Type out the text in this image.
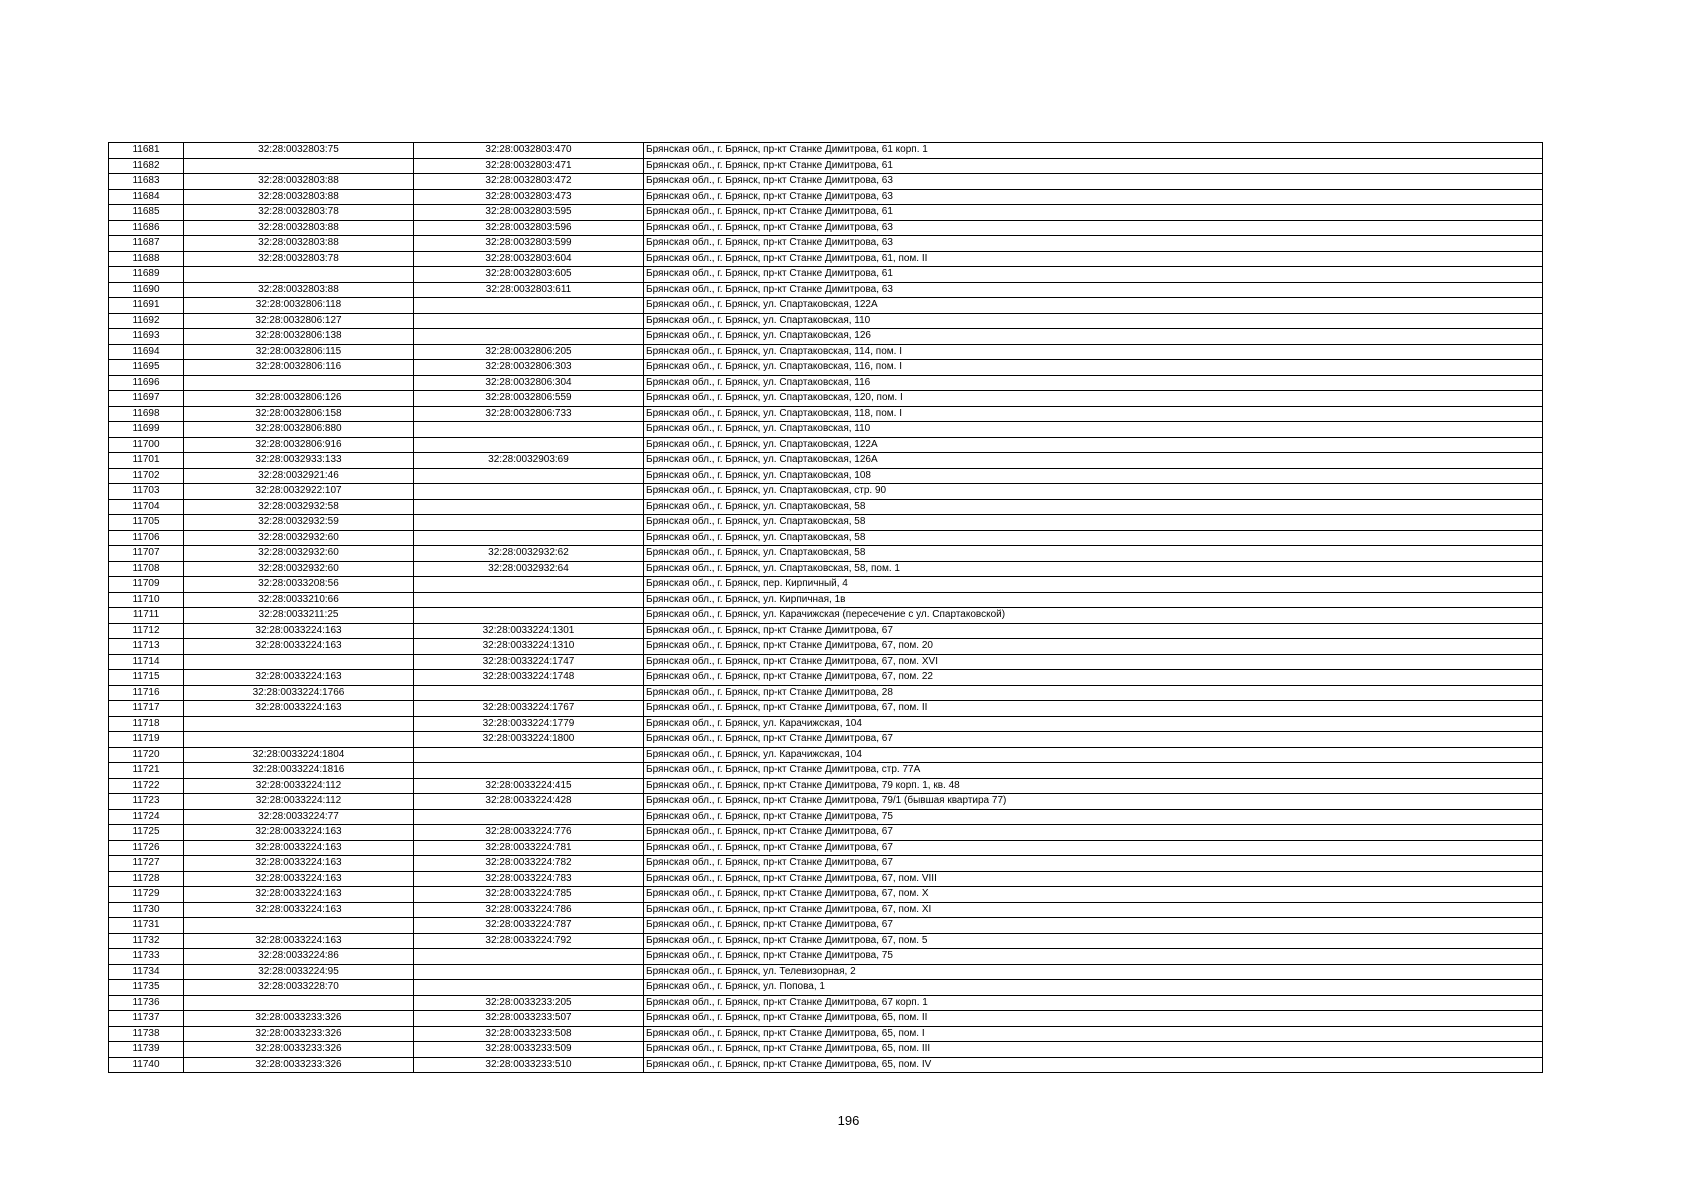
11681	32:28:0032803:75	32:28:0032803:470	Брянская обл., г. Брянск, пр-кт Станке Димитрова, 61 корп. 1
11682		32:28:0032803:471	Брянская обл., г. Брянск, пр-кт Станке Димитрова, 61
11683	32:28:0032803:88	32:28:0032803:472	Брянская обл., г. Брянск, пр-кт Станке Димитрова, 63
11684	32:28:0032803:88	32:28:0032803:473	Брянская обл., г. Брянск, пр-кт Станке Димитрова, 63
11685	32:28:0032803:78	32:28:0032803:595	Брянская обл., г. Брянск, пр-кт Станке Димитрова, 61
11686	32:28:0032803:88	32:28:0032803:596	Брянская обл., г. Брянск, пр-кт Станке Димитрова, 63
11687	32:28:0032803:88	32:28:0032803:599	Брянская обл., г. Брянск, пр-кт Станке Димитрова, 63
11688	32:28:0032803:78	32:28:0032803:604	Брянская обл., г. Брянск, пр-кт Станке Димитрова, 61, пом. II
11689		32:28:0032803:605	Брянская обл., г. Брянск, пр-кт Станке Димитрова, 61
11690	32:28:0032803:88	32:28:0032803:611	Брянская обл., г. Брянск, пр-кт Станке Димитрова, 63
11691	32:28:0032806:118		Брянская обл., г. Брянск, ул. Спартаковская, 122А
11692	32:28:0032806:127		Брянская обл., г. Брянск, ул. Спартаковская, 110
11693	32:28:0032806:138		Брянская обл., г. Брянск, ул. Спартаковская, 126
11694	32:28:0032806:115	32:28:0032806:205	Брянская обл., г. Брянск, ул. Спартаковская, 114, пом. I
11695	32:28:0032806:116	32:28:0032806:303	Брянская обл., г. Брянск, ул. Спартаковская, 116, пом. I
11696		32:28:0032806:304	Брянская обл., г. Брянск, ул. Спартаковская, 116
11697	32:28:0032806:126	32:28:0032806:559	Брянская обл., г. Брянск, ул. Спартаковская, 120, пом. I
11698	32:28:0032806:158	32:28:0032806:733	Брянская обл., г. Брянск, ул. Спартаковская, 118, пом. I
11699	32:28:0032806:880		Брянская обл., г. Брянск, ул. Спартаковская, 110
11700	32:28:0032806:916		Брянская обл., г. Брянск, ул. Спартаковская, 122А
11701	32:28:0032933:133	32:28:0032903:69	Брянская обл., г. Брянск, ул. Спартаковская, 126А
11702	32:28:0032921:46		Брянская обл., г. Брянск, ул. Спартаковская, 108
11703	32:28:0032922:107		Брянская обл., г. Брянск, ул. Спартаковская, стр. 90
11704	32:28:0032932:58		Брянская обл., г. Брянск, ул. Спартаковская, 58
11705	32:28:0032932:59		Брянская обл., г. Брянск, ул. Спартаковская, 58
11706	32:28:0032932:60		Брянская обл., г. Брянск, ул. Спартаковская, 58
11707	32:28:0032932:60	32:28:0032932:62	Брянская обл., г. Брянск, ул. Спартаковская, 58
11708	32:28:0032932:60	32:28:0032932:64	Брянская обл., г. Брянск, ул. Спартаковская, 58, пом. 1
11709	32:28:0033208:56		Брянская обл., г. Брянск, пер. Кирпичный, 4
11710	32:28:0033210:66		Брянская обл., г. Брянск, ул. Кирпичная, 1в
11711	32:28:0033211:25		Брянская обл., г. Брянск, ул. Карачижская (пересечение с ул. Спартаковской)
11712	32:28:0033224:163	32:28:0033224:1301	Брянская обл., г. Брянск, пр-кт Станке Димитрова, 67
11713	32:28:0033224:163	32:28:0033224:1310	Брянская обл., г. Брянск, пр-кт Станке Димитрова, 67, пом. 20
11714		32:28:0033224:1747	Брянская обл., г. Брянск, пр-кт Станке Димитрова, 67, пом. XVI
11715	32:28:0033224:163	32:28:0033224:1748	Брянская обл., г. Брянск, пр-кт Станке Димитрова, 67, пом. 22
11716	32:28:0033224:1766		Брянская обл., г. Брянск, пр-кт Станке Димитрова, 28
11717	32:28:0033224:163	32:28:0033224:1767	Брянская обл., г. Брянск, пр-кт Станке Димитрова, 67, пом. II
11718		32:28:0033224:1779	Брянская обл., г. Брянск, ул. Карачижская, 104
11719		32:28:0033224:1800	Брянская обл., г. Брянск, пр-кт Станке Димитрова, 67
11720	32:28:0033224:1804		Брянская обл., г. Брянск, ул. Карачижская, 104
11721	32:28:0033224:1816		Брянская обл., г. Брянск, пр-кт Станке Димитрова, стр. 77А
11722	32:28:0033224:112	32:28:0033224:415	Брянская обл., г. Брянск, пр-кт Станке Димитрова, 79 корп. 1, кв. 48
11723	32:28:0033224:112	32:28:0033224:428	Брянская обл., г. Брянск, пр-кт Станке Димитрова, 79/1 (бывшая квартира 77)
11724	32:28:0033224:77		Брянская обл., г. Брянск, пр-кт Станке Димитрова, 75
11725	32:28:0033224:163	32:28:0033224:776	Брянская обл., г. Брянск, пр-кт Станке Димитрова, 67
11726	32:28:0033224:163	32:28:0033224:781	Брянская обл., г. Брянск, пр-кт Станке Димитрова, 67
11727	32:28:0033224:163	32:28:0033224:782	Брянская обл., г. Брянск, пр-кт Станке Димитрова, 67
11728	32:28:0033224:163	32:28:0033224:783	Брянская обл., г. Брянск, пр-кт Станке Димитрова, 67, пом. VIII
11729	32:28:0033224:163	32:28:0033224:785	Брянская обл., г. Брянск, пр-кт Станке Димитрова, 67, пом. X
11730	32:28:0033224:163	32:28:0033224:786	Брянская обл., г. Брянск, пр-кт Станке Димитрова, 67, пом. XI
11731		32:28:0033224:787	Брянская обл., г. Брянск, пр-кт Станке Димитрова, 67
11732	32:28:0033224:163	32:28:0033224:792	Брянская обл., г. Брянск, пр-кт Станке Димитрова, 67, пом. 5
11733	32:28:0033224:86		Брянская обл., г. Брянск, пр-кт Станке Димитрова, 75
11734	32:28:0033224:95		Брянская обл., г. Брянск, ул. Телевизорная, 2
11735	32:28:0033228:70		Брянская обл., г. Брянск, ул. Попова, 1
11736		32:28:0033233:205	Брянская обл., г. Брянск, пр-кт Станке Димитрова, 67 корп. 1
11737	32:28:0033233:326	32:28:0033233:507	Брянская обл., г. Брянск, пр-кт Станке Димитрова, 65, пом. II
11738	32:28:0033233:326	32:28:0033233:508	Брянская обл., г. Брянск, пр-кт Станке Димитрова, 65, пом. I
11739	32:28:0033233:326	32:28:0033233:509	Брянская обл., г. Брянск, пр-кт Станке Димитрова, 65, пом. III
11740	32:28:0033233:326	32:28:0033233:510	Брянская обл., г. Брянск, пр-кт Станке Димитрова, 65, пом. IV
196
